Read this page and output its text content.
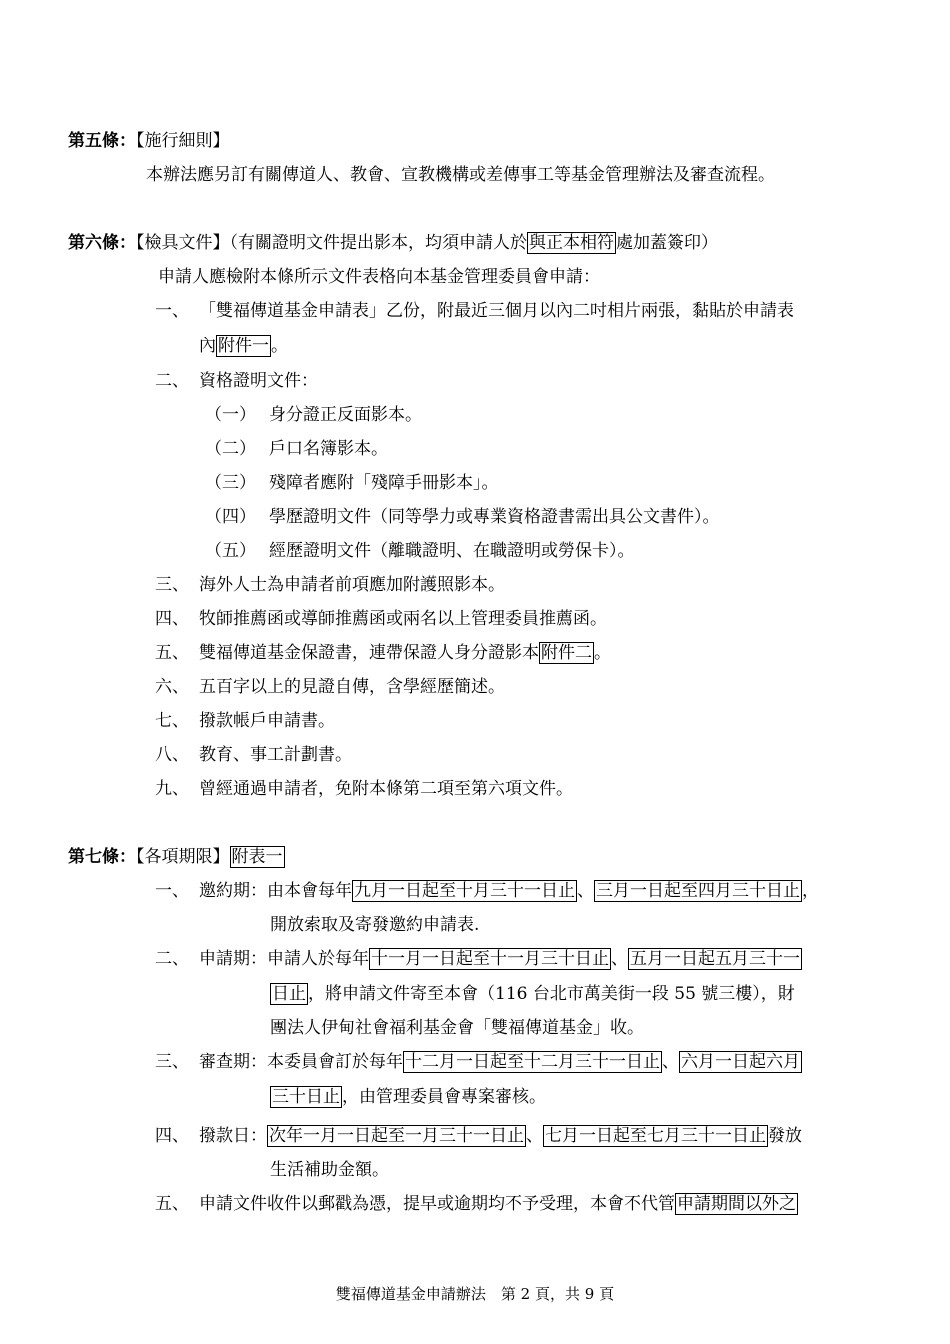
第五條：【施行細則】
本辦法應另訂有關傳道人、教會、宣教機構或差傳事工等基金管理辦法及審查流程。
第六條：【檢具文件】（有關證明文件提出影本，均須申請人於 與正本相符 處加蓋簽印）
申請人應檢附本條所示文件表格向本基金管理委員會申請：
一、 「雙福傳道基金申請表」乙份，附最近三個月以內二吋相片兩張，黏貼於申請表
內 附件一 。
二、 資格證明文件：
（一） 身分證正反面影本。
（二） 戶口名簿影本。
（三） 殘障者應附「殘障手冊影本」。
（四） 學歷證明文件（同等學力或專業資格證書需出具公文書件）。
（五） 經歷證明文件（離職證明、在職證明或勞保卡）。
三、 海外人士為申請者前項應加附護照影本。
四、 牧師推薦函或導師推薦函或兩名以上管理委員推薦函。
五、 雙福傳道基金保證書，連帶保證人身分證影本 附件二 。
六、 五百字以上的見證自傳，含學經歷簡述。
七、 撥款帳戶申請書。
八、 教育、事工計劃書。
九、 曾經通過申請者，免附本條第二項至第六項文件。
第七條：【各項期限】 附表一
一、 邀約期：由本會每年 九月一日起至十月三十一日止 、 三月一日起至四月三十日止 ，
開放索取及寄發邀約申請表.
二、 申請期：申請人於每年 十一月一日起至十一月三十日止 、 五月一日起五月三十一
日止 ，將申請文件寄至本會（116 台北市萬美街一段 55 號三樓），財
團法人伊甸社會福利基金會「雙福傳道基金」收。
三、 審查期：本委員會訂於每年 十二月一日起至十二月三十一日止 、 六月一日起六月
三十日止 ，由管理委員會專案審核。
四、 撥款日： 次年一月一日起至一月三十一日止 、 七月一日起至七月三十一日止 發放
生活補助金額。
五、 申請文件收件以郵戳為憑，提早或逾期均不予受理，本會不代管 申請期間以外之
雙福傳道基金申請辦法　第 2 頁，共 9 頁
